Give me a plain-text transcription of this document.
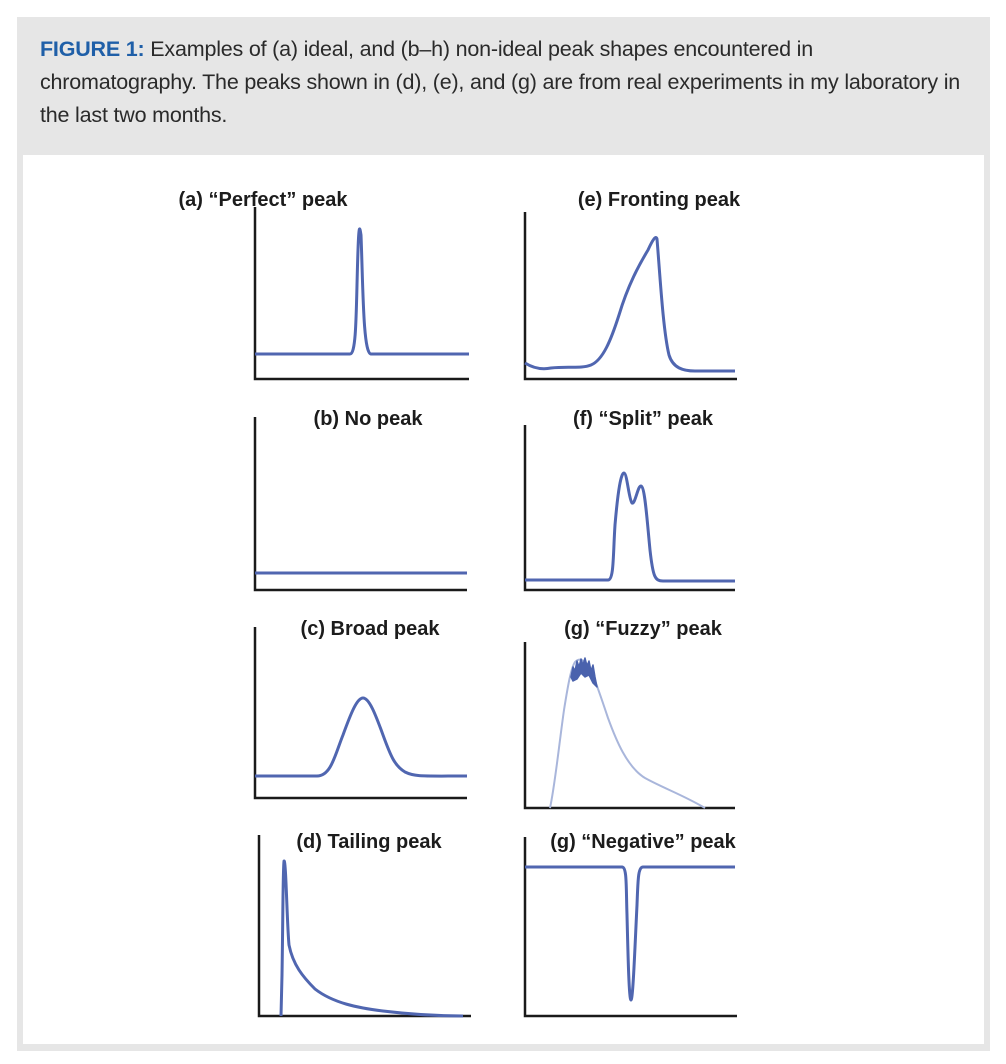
FIGURE 1: Examples of (a) ideal, and (b–h) non-ideal peak shapes encountered in chromatography. The peaks shown in (d), (e), and (g) are from real experiments in my laboratory in the last two months.
(a) “Perfect” peak	(e) Fronting peak
(b) No peak	(f) “Split” peak
(c) Broad peak	(g) “Fuzzy” peak
(d) Tailing peak	(g) “Negative” peak
